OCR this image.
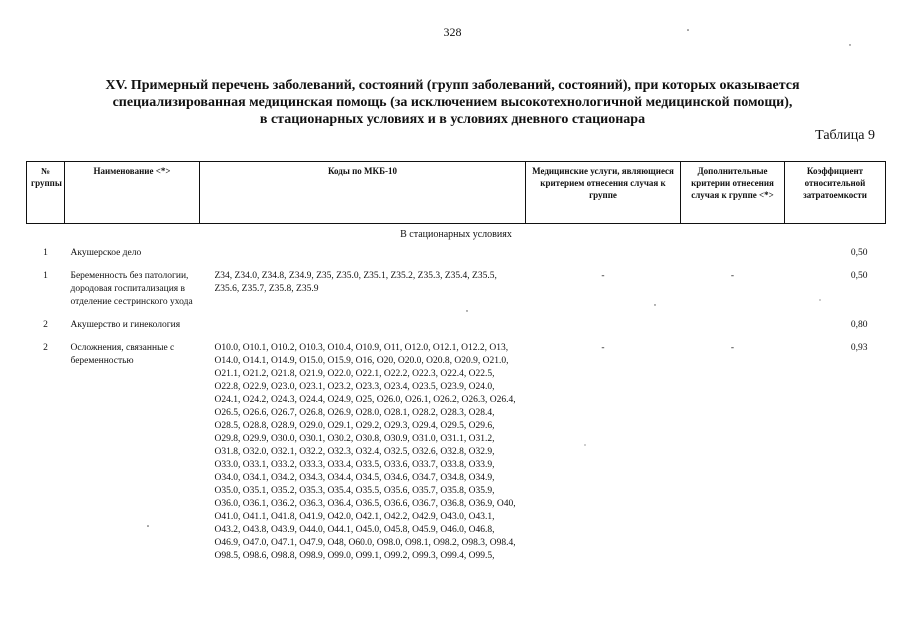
328
XV. Примерный перечень заболеваний, состояний (групп заболеваний, состояний), при которых оказывается
специализированная медицинская помощь (за исключением высокотехнологичной медицинской помощи),
в стационарных условиях и в условиях дневного стационара
Таблица 9
№ группы	Наименование <*>	Коды по МКБ-10	Медицинские услуги, являющиеся критерием отнесения случая к группе	Дополнительные критерии отнесения случая к группе <*>	Коэффициент относительной затратоемкости
В стационарных условиях					
1	Акушерское дело				0,50
1	Беременность без патологии, дородовая госпитализация в отделение сестринского ухода	Z34, Z34.0, Z34.8, Z34.9, Z35, Z35.0, Z35.1, Z35.2, Z35.3, Z35.4, Z35.5, Z35.6, Z35.7, Z35.8, Z35.9	-	-	0,50
2	Акушерство и гинекология				0,80
2	Осложнения, связанные с беременностью	O10.0, O10.1, O10.2, O10.3, O10.4, O10.9, O11, O12.0, O12.1, O12.2, O13, O14.0, O14.1, O14.9, O15.0, O15.9, O16, O20, O20.0, O20.8, O20.9, O21.0, O21.1, O21.2, O21.8, O21.9, O22.0, O22.1, O22.2, O22.3, O22.4, O22.5, O22.8, O22.9, O23.0, O23.1, O23.2, O23.3, O23.4, O23.5, O23.9, O24.0, O24.1, O24.2, O24.3, O24.4, O24.9, O25, O26.0, O26.1, O26.2, O26.3, O26.4, O26.5, O26.6, O26.7, O26.8, O26.9, O28.0, O28.1, O28.2, O28.3, O28.4, O28.5, O28.8, O28.9, O29.0, O29.1, O29.2, O29.3, O29.4, O29.5, O29.6, O29.8, O29.9, O30.0, O30.1, O30.2, O30.8, O30.9, O31.0, O31.1, O31.2, O31.8, O32.0, O32.1, O32.2, O32.3, O32.4, O32.5, O32.6, O32.8, O32.9, O33.0, O33.1, O33.2, O33.3, O33.4, O33.5, O33.6, O33.7, O33.8, O33.9, O34.0, O34.1, O34.2, O34.3, O34.4, O34.5, O34.6, O34.7, O34.8, O34.9, O35.0, O35.1, O35.2, O35.3, O35.4, O35.5, O35.6, O35.7, O35.8, O35.9, O36.0, O36.1, O36.2, O36.3, O36.4, O36.5, O36.6, O36.7, O36.8, O36.9, O40, O41.0, O41.1, O41.8, O41.9, O42.0, O42.1, O42.2, O42.9, O43.0, O43.1, O43.2, O43.8, O43.9, O44.0, O44.1, O45.0, O45.8, O45.9, O46.0, O46.8, O46.9, O47.0, O47.1, O47.9, O48, O60.0, O98.0, O98.1, O98.2, O98.3, O98.4, O98.5, O98.6, O98.8, O98.9, O99.0, O99.1, O99.2, O99.3, O99.4, O99.5,	-	-	0,93
